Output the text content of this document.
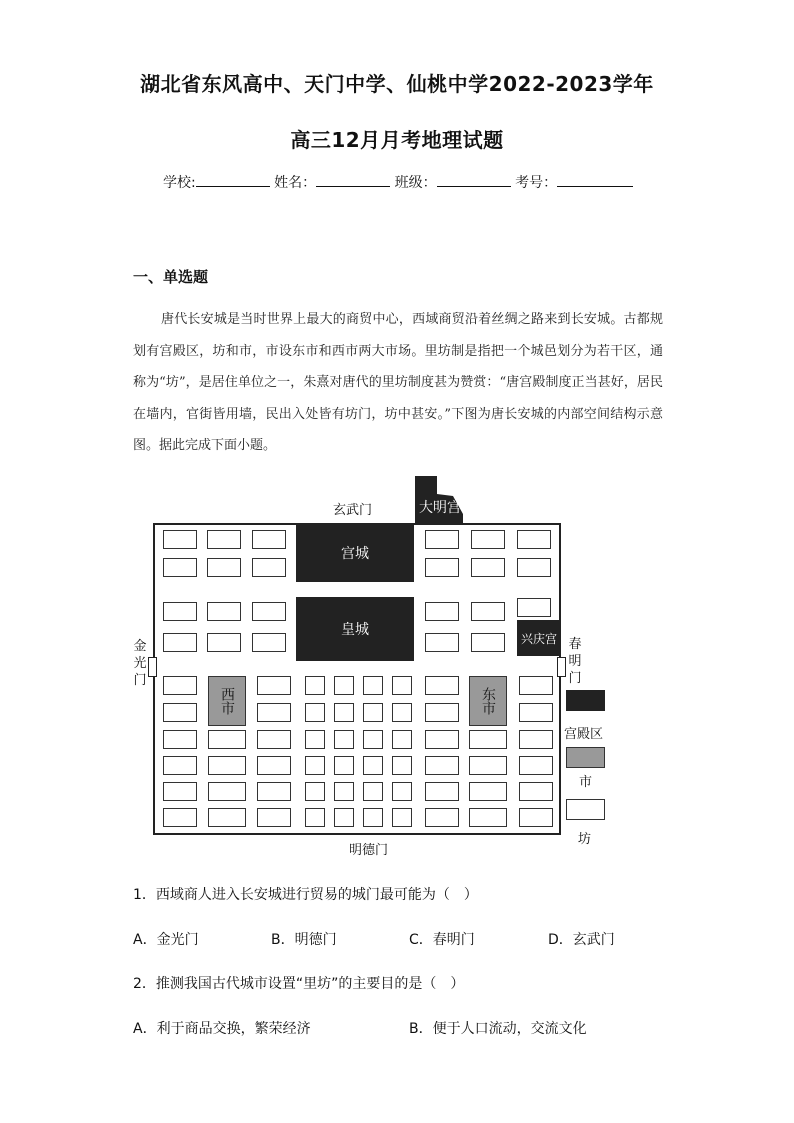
湖北省东风高中、天门中学、仙桃中学2022-2023学年
高三12月月考地理试题
学校:	姓名：	班级：	考号：
一、单选题
唐代长安城是当时世界上最大的商贸中心，西域商贸沿着丝绸之路来到长安城。古都规划有宫殿区，坊和市，市设东市和西市两大市场。里坊制是指把一个城邑划分为若干区，通称为“坊”，是居住单位之一，朱熹对唐代的里坊制度甚为赞赏：“唐宫殿制度正当甚好，居民在墙内，官街皆用墙，民出入处皆有坊门，坊中甚安。”下图为唐长安城的内部空间结构示意图。据此完成下面小题。
玄武门	大明宫
宫城
皇城
兴庆宫
西市	东市
金光门
春明门
明德门
宫殿区
市
坊
1．西域商人进入长安城进行贸易的城门最可能为（　）
A．金光门	B．明德门	C．春明门	D．玄武门
2．推测我国古代城市设置“里坊”的主要目的是（　）
A．利于商品交换，繁荣经济	B．便于人口流动，交流文化
